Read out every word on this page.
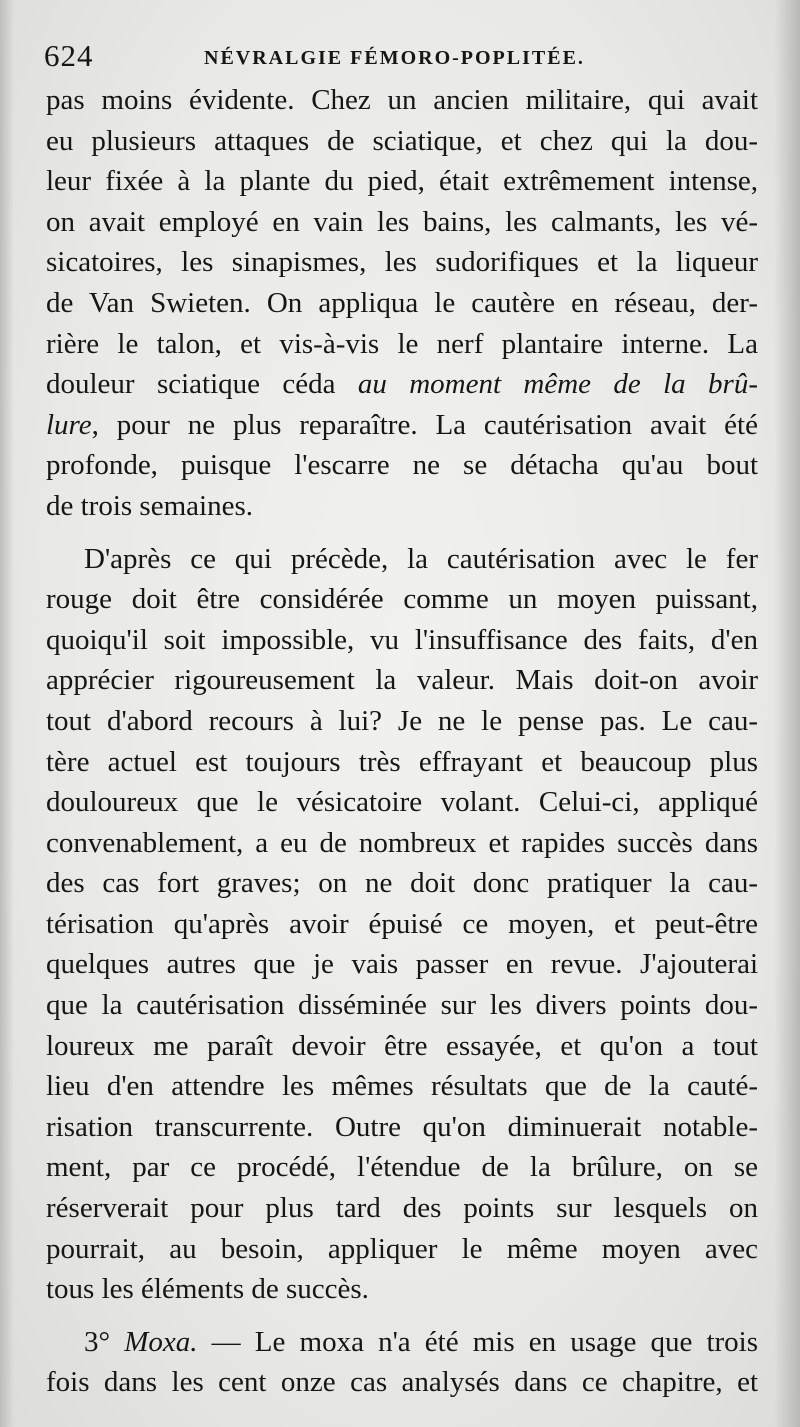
624	NÉVRALGIE FÉMORO-POPLITÉE.
pas moins évidente. Chez un ancien militaire, qui avait
eu plusieurs attaques de sciatique, et chez qui la dou-
leur fixée à la plante du pied, était extrêmement intense,
on avait employé en vain les bains, les calmants, les vé-
sicatoires, les sinapismes, les sudorifiques et la liqueur
de Van Swieten. On appliqua le cautère en réseau, der-
rière le talon, et vis-à-vis le nerf plantaire interne. La
douleur sciatique céda au moment même de la brû-
lure, pour ne plus reparaître. La cautérisation avait été
profonde, puisque l'escarre ne se détacha qu'au bout
de trois semaines.
D'après ce qui précède, la cautérisation avec le fer
rouge doit être considérée comme un moyen puissant,
quoiqu'il soit impossible, vu l'insuffisance des faits, d'en
apprécier rigoureusement la valeur. Mais doit-on avoir
tout d'abord recours à lui? Je ne le pense pas. Le cau-
tère actuel est toujours très effrayant et beaucoup plus
douloureux que le vésicatoire volant. Celui-ci, appliqué
convenablement, a eu de nombreux et rapides succès dans
des cas fort graves; on ne doit donc pratiquer la cau-
térisation qu'après avoir épuisé ce moyen, et peut-être
quelques autres que je vais passer en revue. J'ajouterai
que la cautérisation disséminée sur les divers points dou-
loureux me paraît devoir être essayée, et qu'on a tout
lieu d'en attendre les mêmes résultats que de la cauté-
risation transcurrente. Outre qu'on diminuerait notable-
ment, par ce procédé, l'étendue de la brûlure, on se
réserverait pour plus tard des points sur lesquels on
pourrait, au besoin, appliquer le même moyen avec
tous les éléments de succès.
3° Moxa. — Le moxa n'a été mis en usage que trois
fois dans les cent onze cas analysés dans ce chapitre, et
